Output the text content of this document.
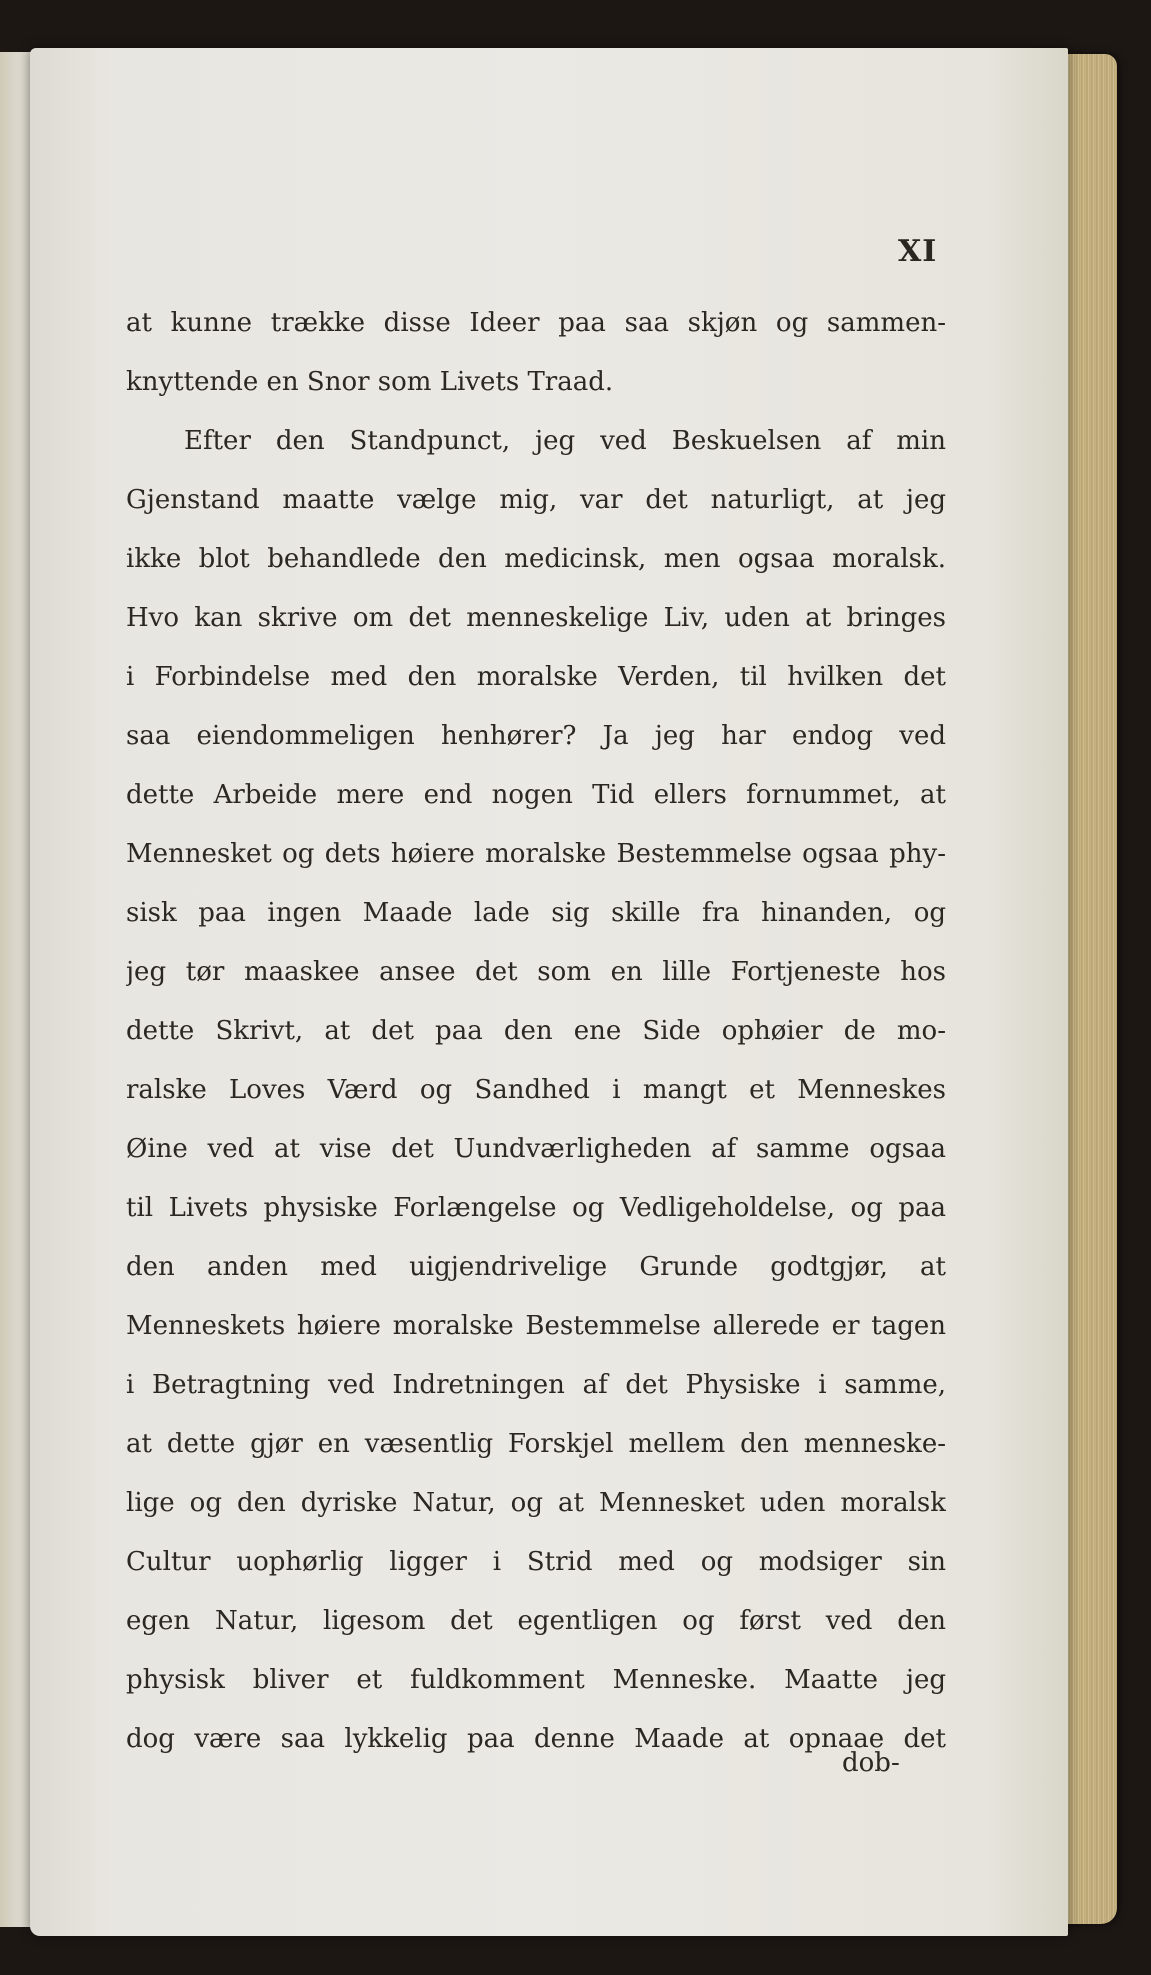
XI
at kunne trække disse Ideer paa saa skjøn og sammen-
knyttende en Snor som Livets Traad.
Efter den Standpunct, jeg ved Beskuelsen af min
Gjenstand maatte vælge mig, var det naturligt, at jeg
ikke blot behandlede den medicinsk, men ogsaa moralsk.
Hvo kan skrive om det menneskelige Liv, uden at bringes
i Forbindelse med den moralske Verden, til hvilken det
saa eiendommeligen henhører? Ja jeg har endog ved
dette Arbeide mere end nogen Tid ellers fornummet, at
Mennesket og dets høiere moralske Bestemmelse ogsaa phy-
sisk paa ingen Maade lade sig skille fra hinanden, og
jeg tør maaskee ansee det som en lille Fortjeneste hos
dette Skrivt, at det paa den ene Side ophøier de mo-
ralske Loves Værd og Sandhed i mangt et Menneskes
Øine ved at vise det Uundværligheden af samme ogsaa
til Livets physiske Forlængelse og Vedligeholdelse, og paa
den anden med uigjendrivelige Grunde godtgjør, at
Menneskets høiere moralske Bestemmelse allerede er tagen
i Betragtning ved Indretningen af det Physiske i samme,
at dette gjør en væsentlig Forskjel mellem den menneske-
lige og den dyriske Natur, og at Mennesket uden moralsk
Cultur uophørlig ligger i Strid med og modsiger sin
egen Natur, ligesom det egentligen og først ved den
physisk bliver et fuldkomment Menneske. Maatte jeg
dog være saa lykkelig paa denne Maade at opnaae det
dob-
